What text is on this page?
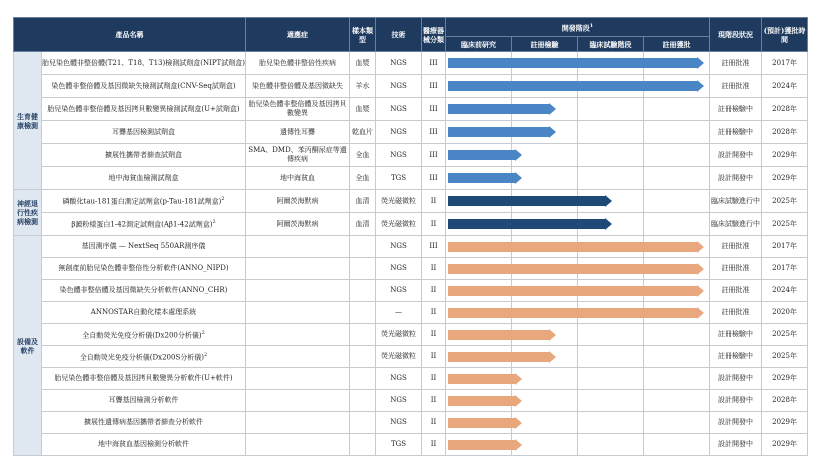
產品名稱		適應症	樣本類型	技術	醫療器械分類	開發階段$^1$				現階段狀況	(預計)獲批時間
						臨床前研究	註冊檢驗	臨床試驗階段	註冊獲批		
生育健康檢測	胎兒染色體非整倍體(T21、T18、T13)檢測試劑盒(NIPT試劑盒)	胎兒染色體非整倍性疾病	血漿	NGS	III					註冊批准	2017年
	染色體非整倍體及基因微缺失檢測試劑盒(CNV-Seq試劑盒)	染色體非整倍體及基因微缺失	羊水	NGS	III					註冊批准	2024年
	胎兒染色體非整倍體及基因拷貝數變異檢測試劑盒(U+試劑盒)	胎兒染色體非整倍體及基因拷貝數變異	血漿	NGS	III					註冊檢驗中	2028年
	耳聾基因檢測試劑盒	遺傳性耳聾	乾血片	NGS	III					註冊檢驗中	2028年
	擴展性攜帶者篩查試劑盒	SMA、DMD、苯丙酮尿症等遺傳疾病	全血	NGS	III					設計開發中	2029年
	地中海貧血檢測試劑盒	地中海貧血	全血	TGS	III					設計開發中	2029年
神經退行性疾病檢測	磷酸化tau-181蛋白測定試劑盒(p-Tau-181試劑盒)$^2$	阿爾茨海默病	血清	熒光磁微粒	II					臨床試驗進行中	2025年
	β澱粉樣蛋白1-42測定試劑盒(Aβ1-42試劑盒)$^2$	阿爾茨海默病	血清	熒光磁微粒	II					臨床試驗進行中	2025年
設備及軟件	基因測序儀 — NextSeq 550AR測序儀			NGS	III					註冊批准	2017年
	無創產前胎兒染色體非整倍性分析軟件(ANNO_NIPD)			NGS	II					註冊批准	2017年
	染色體非整倍體及基因微缺失分析軟件(ANNO_CHR)			NGS	II					註冊批准	2024年
	ANNOSTAR自動化樣本處理系統			—	II					註冊批准	2020年
	全自動熒光免疫分析儀(Dx200分析儀)$^2$			熒光磁微粒	II					註冊檢驗中	2025年
	全自動熒光免疫分析儀(Dx200S分析儀)$^2$			熒光磁微粒	II					註冊檢驗中	2025年
	胎兒染色體非整倍體及基因拷貝數變異分析軟件(U+軟件)			NGS	II					設計開發中	2029年
	耳聾基因檢測分析軟件			NGS	II					設計開發中	2028年
	擴展性遺傳病基因攜帶者篩查分析軟件			NGS	II					設計開發中	2029年
	地中海貧血基因檢測分析軟件			TGS	II					設計開發中	2029年
